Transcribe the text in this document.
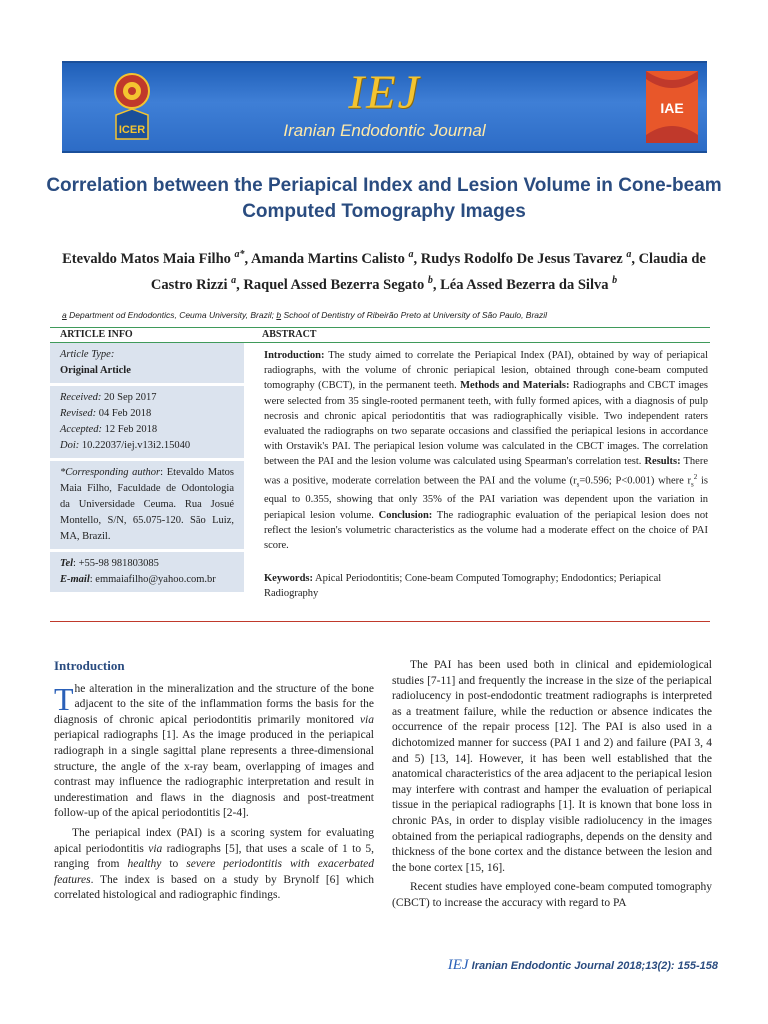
ICER
IEJ
Iranian Endodontic Journal
IAE
Correlation between the Periapical Index and Lesion Volume in Cone-beam Computed Tomography Images
Etevaldo Matos Maia Filho $^{a*}$, Amanda Martins Calisto $^a$, Rudys Rodolfo De Jesus Tavarez $^a$, Claudia de Castro Rizzi $^a$, Raquel Assed Bezerra Segato $^b$, Léa Assed Bezerra da Silva $^b$
a Department od Endodontics, Ceuma University, Brazil; b School of Dentistry of Ribeirão Preto at University of São Paulo, Brazil
ARTICLE INFO	ABSTRACT
Article Type:
Original Article
Received: 20 Sep 2017
Revised: 04 Feb 2018
Accepted: 12 Feb 2018
Doi: 10.22037/iej.v13i2.15040
*Corresponding author: Etevaldo Matos Maia Filho, Faculdade de Odontologia da Universidade Ceuma. Rua Josué Montello, S/N, 65.075-120. São Luiz, MA, Brazil.
Tel: +55-98 981803085
E-mail: emmaiafilho@yahoo.com.br
Introduction: The study aimed to correlate the Periapical Index (PAI), obtained by way of periapical radiographs, with the volume of chronic periapical lesion, obtained through cone-beam computed tomography (CBCT), in the permanent teeth. Methods and Materials: Radiographs and CBCT images were selected from 35 single-rooted permanent teeth, with fully formed apices, with a diagnosis of pulp necrosis and chronic apical periodontitis that was radiographically visible. Two independent raters evaluated the radiographs on two separate occasions and classified the periapical lesions in accordance with Orstavik's PAI. The periapical lesion volume was calculated in the CBCT images. The correlation between the PAI and the lesion volume was calculated using Spearman's correlation test. Results: There was a positive, moderate correlation between the PAI and the volume ($r_s=0.596$; P<0.001) where $r_s^2$ is equal to 0.355, showing that only 35% of the PAI variation was dependent upon the variation in periapical lesion volume. Conclusion: The radiographic evaluation of the periapical lesion does not reflect the lesion's volumetric characteristics as the volume had a moderate effect on the choice of PAI score.
Keywords: Apical Periodontitis; Cone-beam Computed Tomography; Endodontics; Periapical Radiography
Introduction

The alteration in the mineralization and the structure of the bone adjacent to the site of the inflammation forms the basis for the diagnosis of chronic apical periodontitis primarily monitored via periapical radiographs [1]. As the image produced in the periapical radiograph in a single sagittal plane represents a three-dimensional structure, the angle of the x-ray beam, overlapping of images and contrast may influence the radiographic interpretation and result in underestimation and flaws in the diagnosis and post-treatment follow-up of the apical periodontitis [2-4].

The periapical index (PAI) is a scoring system for evaluating apical periodontitis via radiographs [5], that uses a scale of 1 to 5, ranging from healthy to severe periodontitis with exacerbated features. The index is based on a study by Brynolf [6] which correlated histological and radiographic findings.

The PAI has been used both in clinical and epidemiological studies [7-11] and frequently the increase in the size of the periapical radiolucency in post-endodontic treatment radiographs is interpreted as a treatment failure, while the reduction or absence indicates the occurrence of the repair process [12]. The PAI is also used in a dichotomized manner for success (PAI 1 and 2) and failure (PAI 3, 4 and 5) [13, 14]. However, it has been well established that the anatomical characteristics of the area adjacent to the periapical lesion may interfere with contrast and hamper the evaluation of periapical tissue in the periapical radiographs [1]. It is known that bone loss in chronic PAs, in order to display visible radiolucency in the images obtained from the periapical radiographs, depends on the density and thickness of the bone cortex and the distance between the lesion and the bone cortex [15, 16].

Recent studies have employed cone-beam computed tomography (CBCT) to increase the accuracy with regard to PA

IEJ Iranian Endodontic Journal 2018;13(2): 155-158
